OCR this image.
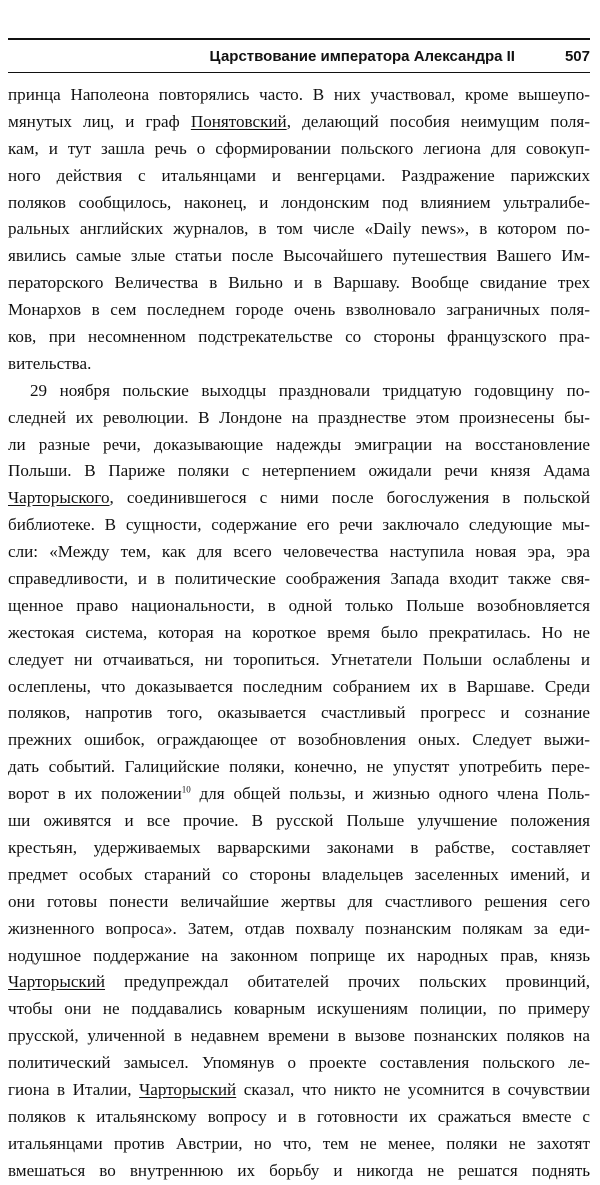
Царствование императора Александра II	507
принца Наполеона повторялись часто. В них участвовал, кроме вышеупо-
мянутых лиц, и граф Понятовский, делающий пособия неимущим поля-
кам, и тут зашла речь о сформировании польского легиона для совокуп-
ного действия с итальянцами и венгерцами. Раздражение парижских
поляков сообщилось, наконец, и лондонским под влиянием ультралибе-
ральных английских журналов, в том числе «Daily news», в котором по-
явились самые злые статьи после Высочайшего путешествия Вашего Им-
ператорского Величества в Вильно и в Варшаву. Вообще свидание трех
Монархов в сем последнем городе очень взволновало заграничных поля-
ков, при несомненном подстрекательстве со стороны французского пра-
вительства.
29 ноября польские выходцы праздновали тридцатую годовщину по-
следней их революции. В Лондоне на празднестве этом произнесены бы-
ли разные речи, доказывающие надежды эмиграции на восстановление
Польши. В Париже поляки с нетерпением ожидали речи князя Адама
Чарторыского, соединившегося с ними после богослужения в польской
библиотеке. В сущности, содержание его речи заключало следующие мы-
сли: «Между тем, как для всего человечества наступила новая эра, эра
справедливости, и в политические соображения Запада входит также свя-
щенное право национальности, в одной только Польше возобновляется
жестокая система, которая на короткое время было прекратилась. Но не
следует ни отчаиваться, ни торопиться. Угнетатели Польши ослаблены и
ослеплены, что доказывается последним собранием их в Варшаве. Среди
поляков, напротив того, оказывается счастливый прогресс и сознание
прежних ошибок, ограждающее от возобновления оных. Следует выжи-
дать событий. Галицийские поляки, конечно, не упустят употребить пере-
ворот в их положении$^{10}$ для общей пользы, и жизнью одного члена Поль-
ши оживятся и все прочие. В русской Польше улучшение положения
крестьян, удерживаемых варварскими законами в рабстве, составляет
предмет особых стараний со стороны владельцев заселенных имений, и
они готовы понести величайшие жертвы для счастливого решения сего
жизненного вопроса». Затем, отдав похвалу познанским полякам за еди-
нодушное поддержание на законном поприще их народных прав, князь
Чарторыский предупреждал обитателей прочих польских провинций,
чтобы они не поддавались коварным искушениям полиции, по примеру
прусской, уличенной в недавнем времени в вызове познанских поляков на
политический замысел. Упомянув о проекте составления польского ле-
гиона в Италии, Чарторыский сказал, что никто не усомнится в сочувствии
поляков к итальянскому вопросу и в готовности их сражаться вместе с
итальянцами против Австрии, но что, тем не менее, поляки не захотят
вмешаться во внутреннюю их борьбу и никогда не решатся поднять
